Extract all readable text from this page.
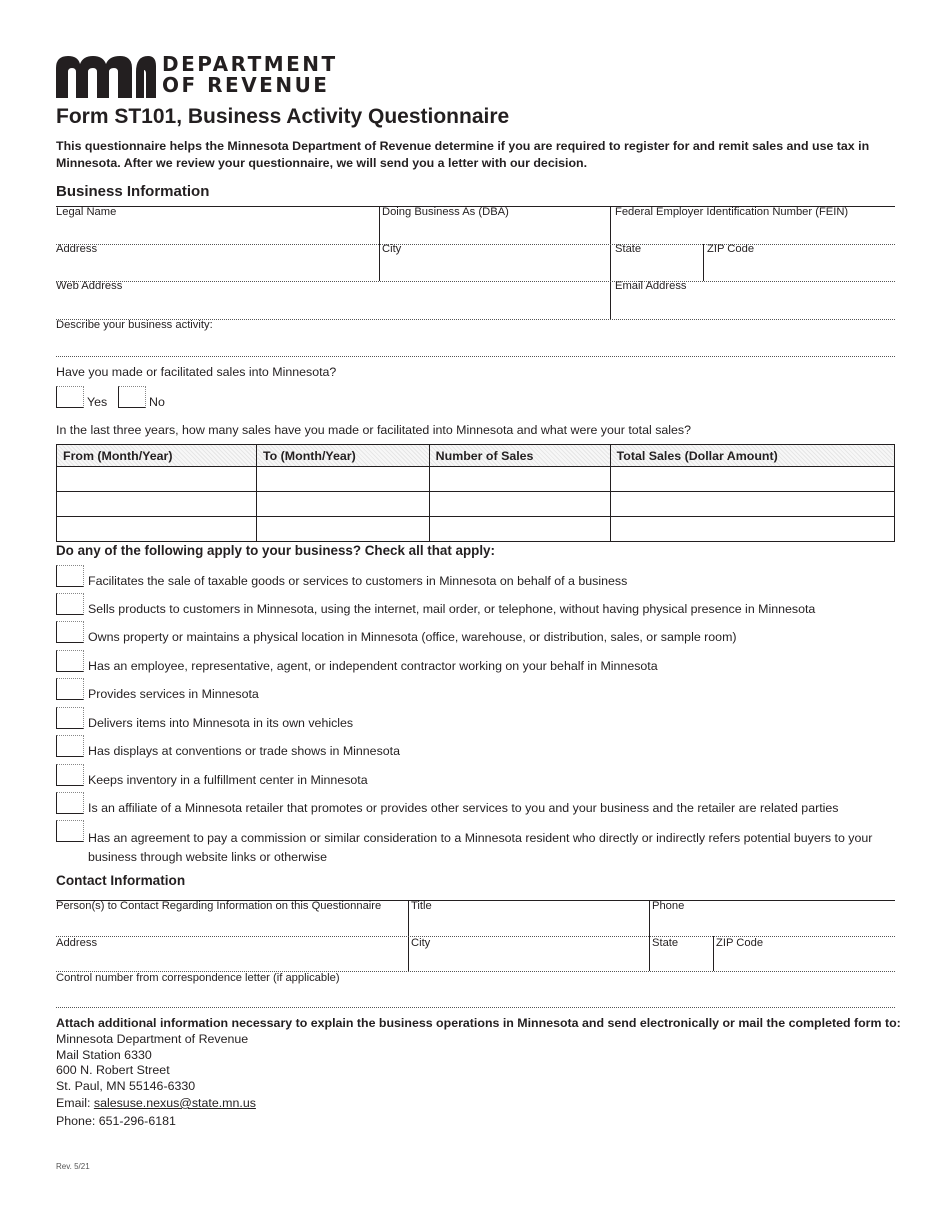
DEPARTMENT
OF REVENUE
Form ST101, Business Activity Questionnaire
This questionnaire helps the Minnesota Department of Revenue determine if you are required to register for and remit sales and use tax in Minnesota. After we review your questionnaire, we will send you a letter with our decision.
Business Information
Legal Name	Doing Business As (DBA)	Federal Employer Identification Number (FEIN)
Address	City	State	ZIP Code
Web Address	Email Address
Describe your business activity:
Have you made or facilitated sales into Minnesota?
Yes	No
In the last three years, how many sales have you made or facilitated into Minnesota and what were your total sales?
From (Month/Year)	To (Month/Year)	Number of Sales	Total Sales (Dollar Amount)

Do any of the following apply to your business? Check all that apply:
Facilitates the sale of taxable goods or services to customers in Minnesota on behalf of a business
Sells products to customers in Minnesota, using the internet, mail order, or telephone, without having physical presence in Minnesota
Owns property or maintains a physical location in Minnesota (office, warehouse, or distribution, sales, or sample room)
Has an employee, representative, agent, or independent contractor working on your behalf in Minnesota
Provides services in Minnesota
Delivers items into Minnesota in its own vehicles
Has displays at conventions or trade shows in Minnesota
Keeps inventory in a fulfillment center in Minnesota
Is an affiliate of a Minnesota retailer that promotes or provides other services to you and your business and the retailer are related parties
Has an agreement to pay a commission or similar consideration to a Minnesota resident who directly or indirectly refers potential buyers to your business through website links or otherwise
Contact Information
Person(s) to Contact Regarding Information on this Questionnaire	Title	Phone
Address	City	State	ZIP Code
Control number from correspondence letter (if applicable)
Attach additional information necessary to explain the business operations in Minnesota and send electronically or mail the completed form to:
Minnesota Department of Revenue
Mail Station 6330
600 N. Robert Street
St. Paul, MN 55146-6330
Email: salesuse.nexus@state.mn.us
Phone: 651-296-6181
Rev. 5/21
